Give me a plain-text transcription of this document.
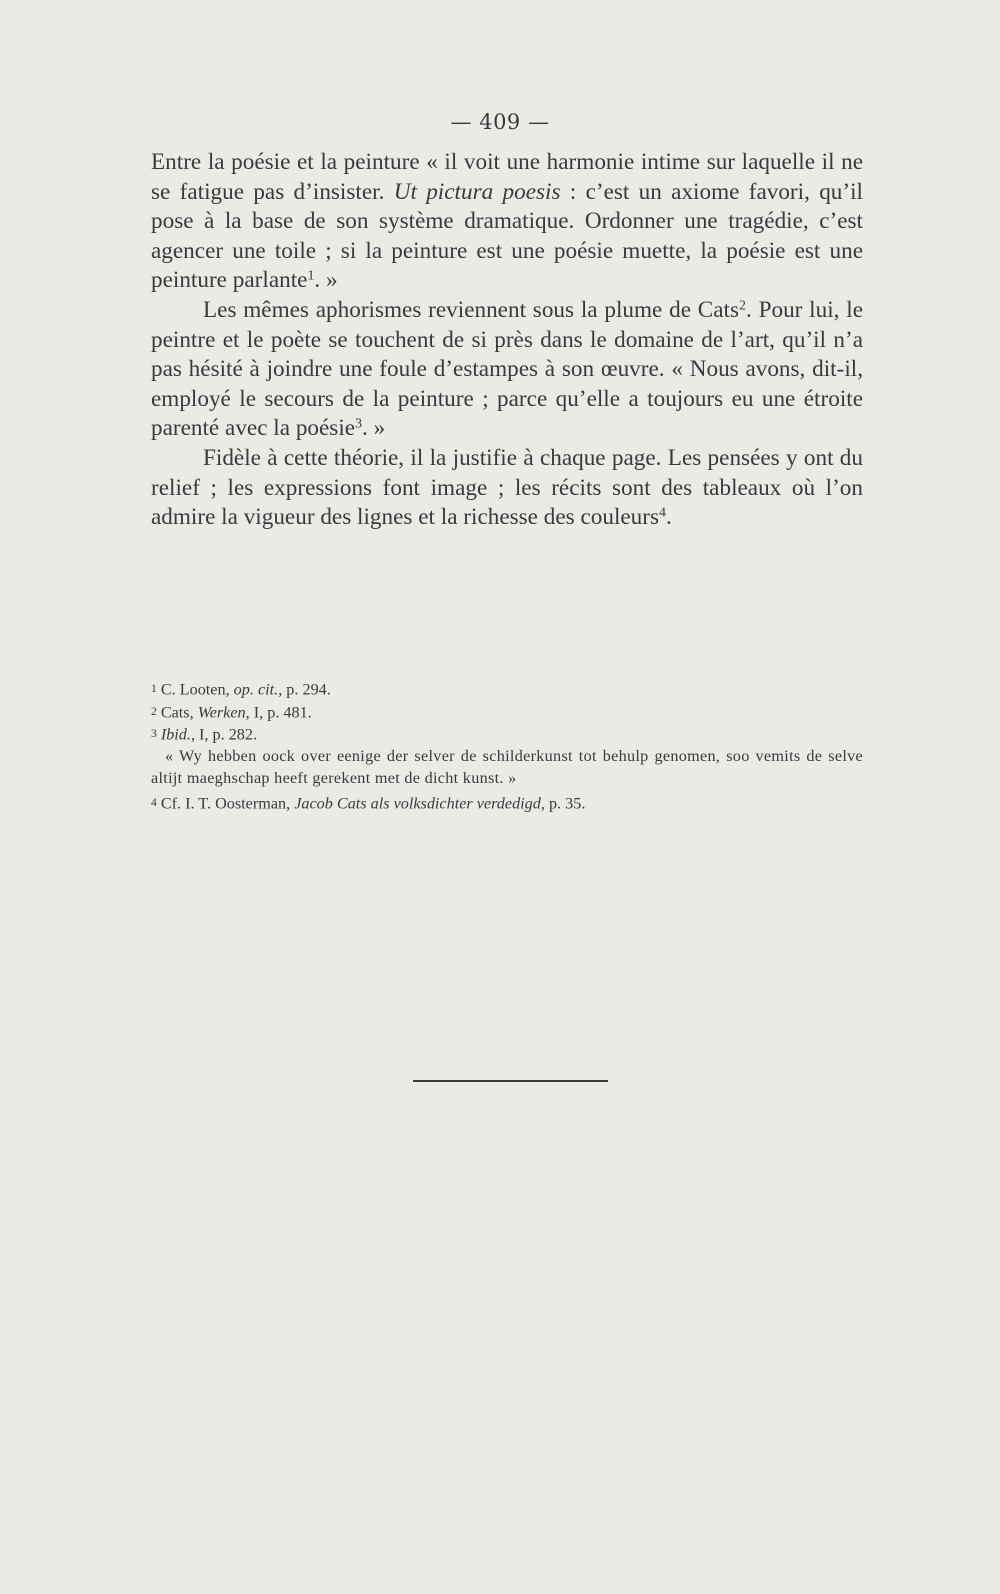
— 409 —

Entre la poésie et la peinture « il voit une harmonie intime sur laquelle il ne se fatigue pas d’insister. Ut pictura poesis : c’est un axiome favori, qu’il pose à la base de son système dramatique. Ordonner une tragédie, c’est agencer une toile ; si la peinture est une poésie muette, la poésie est une peinture parlante$^1$. »

Les mêmes aphorismes reviennent sous la plume de Cats$^2$. Pour lui, le peintre et le poète se touchent de si près dans le domaine de l’art, qu’il n’a pas hésité à joindre une foule d’estampes à son œuvre. « Nous avons, dit-il, employé le secours de la peinture ; parce qu’elle a toujours eu une étroite parenté avec la poésie$^3$. »

Fidèle à cette théorie, il la justifie à chaque page. Les pensées y ont du relief ; les expressions font image ; les récits sont des tableaux où l’on admire la vigueur des lignes et la richesse des couleurs$^4$.

1 C. Looten, op. cit., p. 294.

2 Cats, Werken, I, p. 481.

3 Ibid., I, p. 282.

« Wy hebben oock over eenige der selver de schilderkunst tot behulp genomen, soo vemits de selve altijt maeghschap heeft gerekent met de dicht kunst. »

4 Cf. I. T. Oosterman, Jacob Cats als volksdichter verdedigd, p. 35.
